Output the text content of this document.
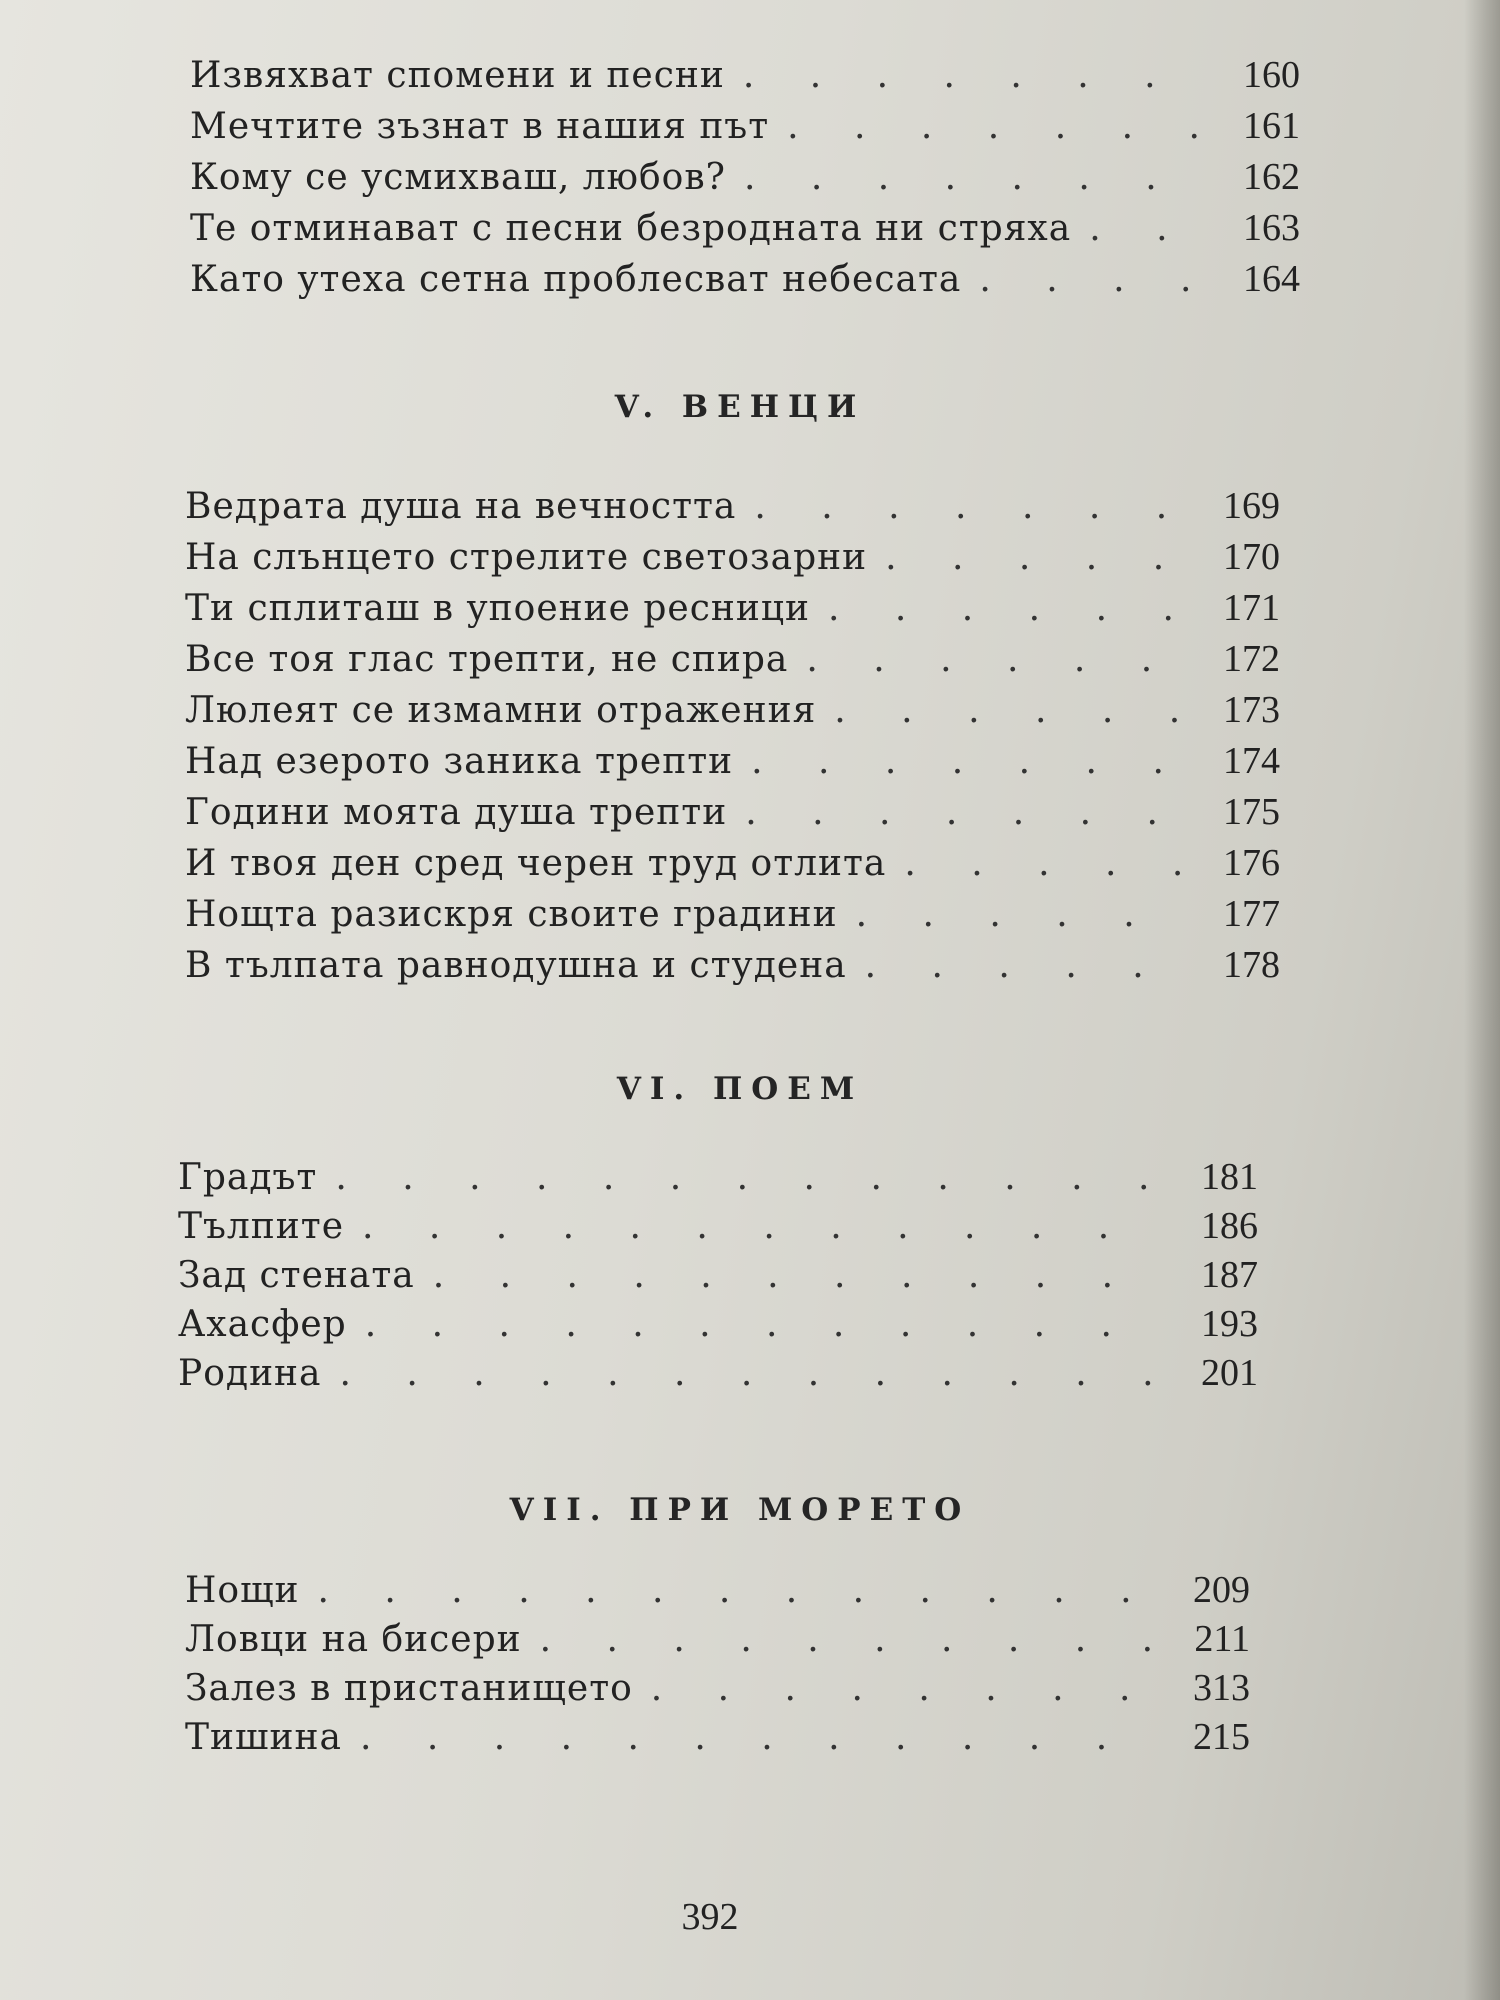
Извяхват спомени и песни . . .	160
Мечтите зъзнат в нашия път . . .	161
Кому се усмихваш, любов? . . .	162
Те отминават с песни безродната ни стряха . . .	163
Като утеха сетна проблесват небесата . . .	164
V. ВЕНЦИ
Ведрата душа на вечността . . .	169
На слънцето стрелите светозарни . . .	170
Ти сплиташ в упоение ресници . . .	171
Все тоя глас трепти, не спира . . .	172
Люлеят се измамни отражения . . .	173
Над езерото заника трепти . . .	174
Години моята душа трепти . . .	175
И твоя ден сред черен труд отлита . . .	176
Нощта разискря своите градини . . .	177
В тълпата равнодушна и студена . . .	178
VI. ПОЕМ
Градът . . .	181
Тълпите . . .	186
Зад стената . . .	187
Ахасфер . . .	193
Родина . . .	201
VII. ПРИ МОРЕТО
Нощи . . .	209
Ловци на бисери . . .	211
Залез в пристанището . . .	313
Тишина . . .	215
392
